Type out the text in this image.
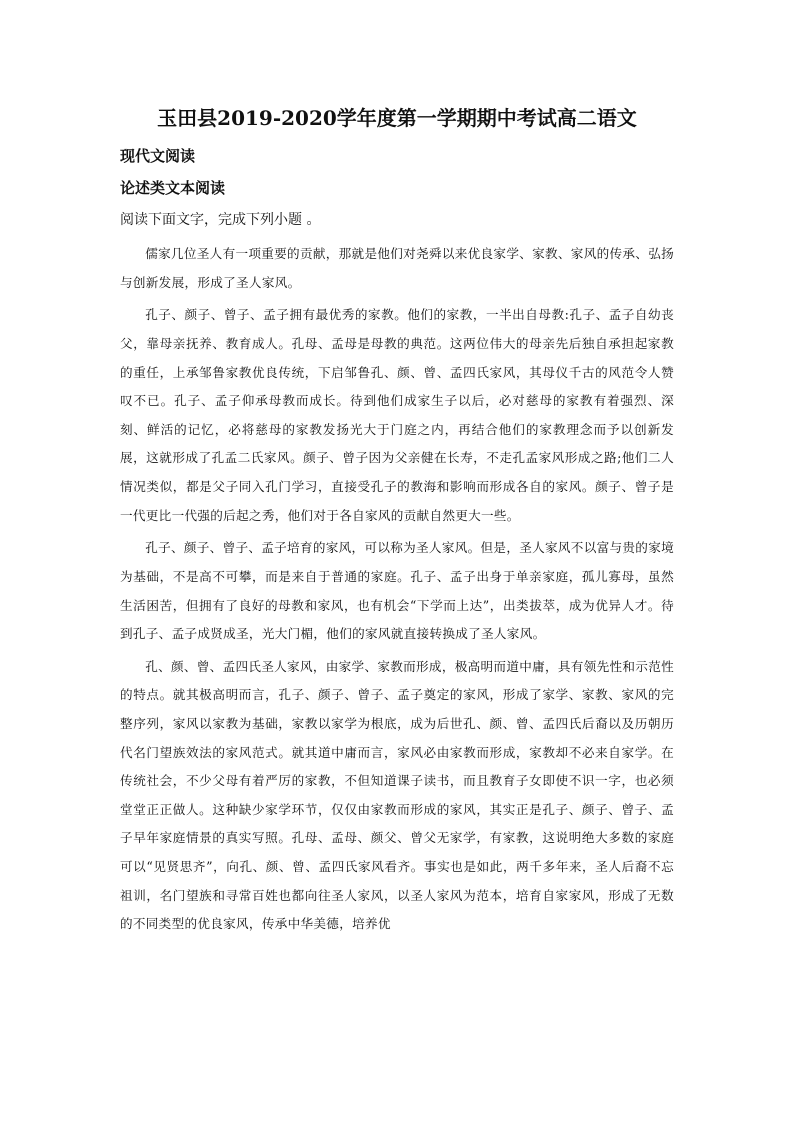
玉田县2019-2020学年度第一学期期中考试高二语文
现代文阅读
论述类文本阅读
阅读下面文字，完成下列小题 。

儒家几位圣人有一项重要的贡献，那就是他们对尧舜以来优良家学、家教、家风的传承、弘扬与创新发展，形成了圣人家风。

孔子、颜子、曾子、孟子拥有最优秀的家教。他们的家教，一半出自母教:孔子、孟子自幼丧父，靠母亲抚养、教育成人。孔母、孟母是母教的典范。这两位伟大的母亲先后独自承担起家教的重任，上承邹鲁家教优良传统，下启邹鲁孔、颜、曾、孟四氏家风，其母仪千古的风范令人赞叹不已。孔子、孟子仰承母教而成长。待到他们成家生子以后，必对慈母的家教有着强烈、深刻、鲜活的记忆，必将慈母的家教发扬光大于门庭之内，再结合他们的家教理念而予以创新发展，这就形成了孔孟二氏家风。颜子、曾子因为父亲健在长寿，不走孔孟家风形成之路;他们二人情况类似，都是父子同入孔门学习，直接受孔子的教海和影响而形成各自的家风。颜子、曾子是一代更比一代强的后起之秀，他们对于各自家风的贡献自然更大一些。

孔子、颜子、曾子、孟子培育的家风，可以称为圣人家风。但是，圣人家风不以富与贵的家境为基础，不是高不可攀，而是来自于普通的家庭。孔子、孟子出身于单亲家庭，孤儿寡母，虽然生活困苦，但拥有了良好的母教和家风，也有机会“下学而上达”，出类拔萃，成为优异人才。待到孔子、孟子成贤成圣，光大门楣，他们的家风就直接转换成了圣人家风。

孔、颜、曾、孟四氏圣人家风，由家学、家教而形成，极高明而道中庸，具有领先性和示范性的特点。就其极高明而言，孔子、颜子、曾子、孟子奠定的家风，形成了家学、家教、家风的完整序列，家风以家教为基础，家教以家学为根底，成为后世孔、颜、曾、孟四氏后裔以及历朝历代名门望族效法的家风范式。就其道中庸而言，家风必由家教而形成，家教却不必来自家学。在传统社会，不少父母有着严厉的家教，不但知道课子读书，而且教育子女即使不识一字，也必须堂堂正正做人。这种缺少家学环节，仅仅由家教而形成的家风，其实正是孔子、颜子、曾子、孟子早年家庭情景的真实写照。孔母、孟母、颜父、曾父无家学，有家教，这说明绝大多数的家庭可以“见贤思齐”，向孔、颜、曾、孟四氏家风看齐。事实也是如此，两千多年来，圣人后裔不忘祖训，名门望族和寻常百姓也都向往圣人家风，以圣人家风为范本，培育自家家风，形成了无数的不同类型的优良家风，传承中华美德，培养优
